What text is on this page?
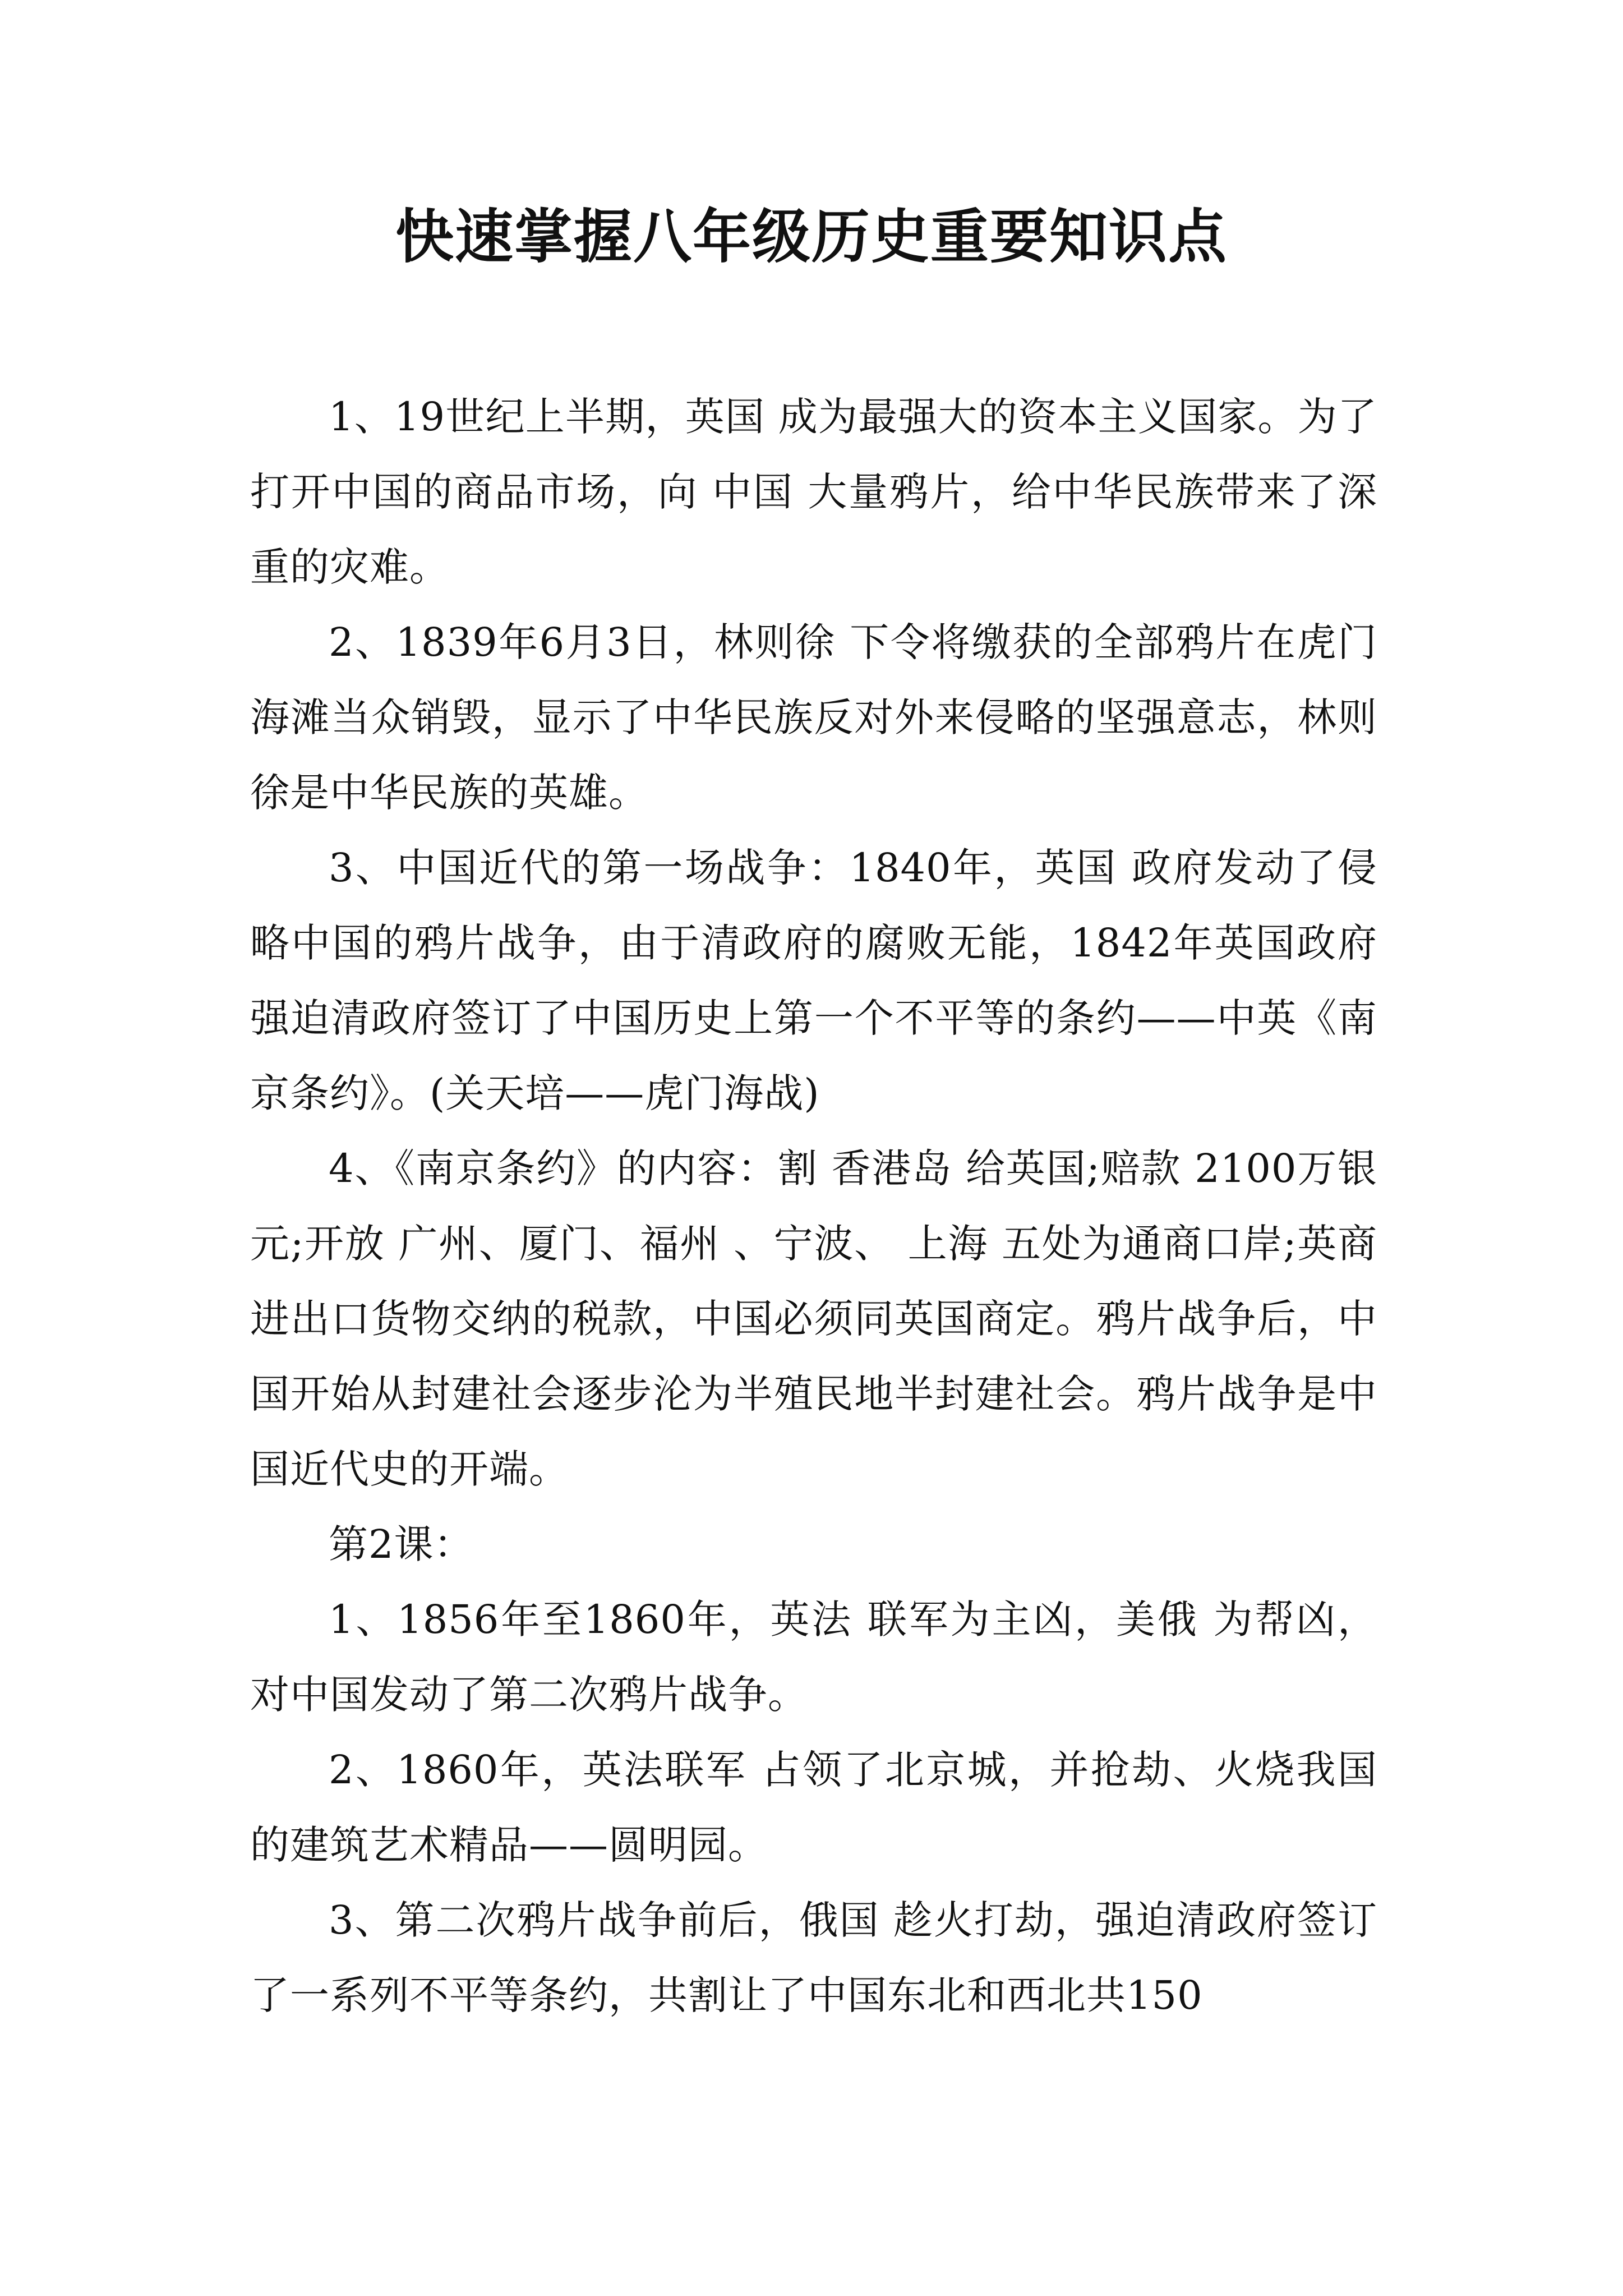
快速掌握八年级历史重要知识点

1、19世纪上半期，英国 成为最强大的资本主义国家。为了打开中国的商品市场，向 中国 大量鸦片，给中华民族带来了深重的灾难。

2、1839年6月3日，林则徐 下令将缴获的全部鸦片在虎门海滩当众销毁，显示了中华民族反对外来侵略的坚强意志，林则徐是中华民族的英雄。

3、中国近代的第一场战争：1840年，英国 政府发动了侵略中国的鸦片战争，由于清政府的腐败无能，1842年英国政府强迫清政府签订了中国历史上第一个不平等的条约——中英《南京条约》。(关天培——虎门海战)

4、《南京条约》的内容：割 香港岛 给英国;赔款 2100万银元;开放 广州、厦门、福州 、宁波、 上海 五处为通商口岸;英商进出口货物交纳的税款，中国必须同英国商定。鸦片战争后，中国开始从封建社会逐步沦为半殖民地半封建社会。鸦片战争是中国近代史的开端。

第2课：

1、1856年至1860年，英法 联军为主凶，美俄 为帮凶，对中国发动了第二次鸦片战争。

2、1860年，英法联军 占领了北京城，并抢劫、火烧我国的建筑艺术精品——圆明园。

3、第二次鸦片战争前后，俄国 趁火打劫，强迫清政府签订了一系列不平等条约，共割让了中国东北和西北共150
